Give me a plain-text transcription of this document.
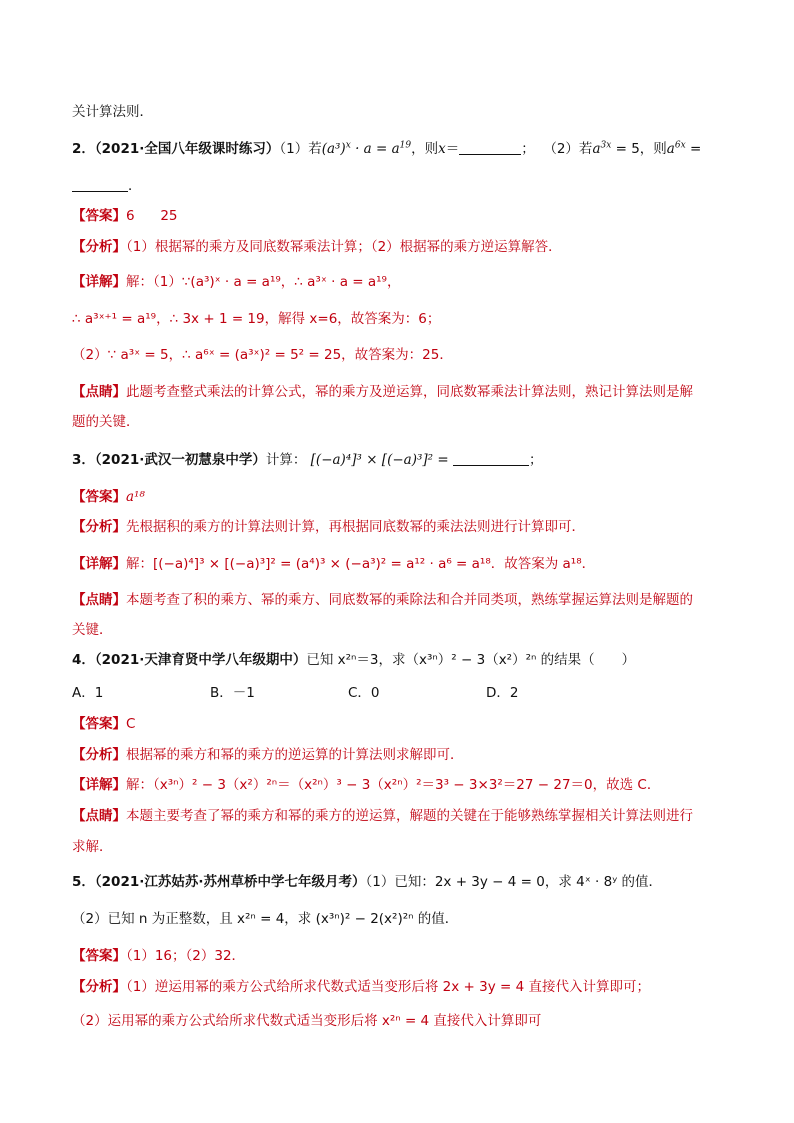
关计算法则．
2．（2021·全国八年级课时练习）（1）若$(a^3)^x \cdot a = a^{19}$，则x＝	； （2）若$a^{3x} = 5$，则$a^{6x}$ =
．
【答案】6 25
【分析】（1）根据幂的乘方及同底数幂乘法计算；（2）根据幂的乘方逆运算解答．
【详解】解：（1）∵(a³)ˣ · a = a¹⁹，∴ a³ˣ · a = a¹⁹，
∴ a³ˣ⁺¹ = a¹⁹，∴ 3x + 1 = 19，解得 x=6，故答案为：6；
（2）∵ a³ˣ = 5，∴ a⁶ˣ = (a³ˣ)² = 5² = 25，故答案为：25．
【点睛】此题考查整式乘法的计算公式，幂的乘方及逆运算，同底数幂乘法计算法则，熟记计算法则是解
题的关键．
3．（2021·武汉一初慧泉中学）计算： [(−a)⁴]³ × [(−a)³]² =	；
【答案】a¹⁸
【分析】先根据积的乘方的计算法则计算，再根据同底数幂的乘法法则进行计算即可．
【详解】解：[(−a)⁴]³ × [(−a)³]² = (a⁴)³ × (−a³)² = a¹² · a⁶ = a¹⁸．故答案为 a¹⁸．
【点睛】本题考查了积的乘方、幂的乘方、同底数幂的乘除法和合并同类项，熟练掌握运算法则是解题的
关键．
4．（2021·天津育贤中学八年级期中）已知 x²ⁿ＝3，求（x³ⁿ）² − 3（x²）²ⁿ 的结果（　　）
A．1	B．－1	C．0	D．2
【答案】C
【分析】根据幂的乘方和幂的乘方的逆运算的计算法则求解即可．
【详解】解：（x³ⁿ）² − 3（x²）²ⁿ＝（x²ⁿ）³ − 3（x²ⁿ）²＝3³ − 3×3²＝27 − 27＝0，故选 C．
【点睛】本题主要考查了幂的乘方和幂的乘方的逆运算，解题的关键在于能够熟练掌握相关计算法则进行
求解．
5．（2021·江苏姑苏·苏州草桥中学七年级月考）（1）已知：2x + 3y − 4 = 0，求 4ˣ · 8ʸ 的值．
（2）已知 n 为正整数，且 x²ⁿ = 4，求 (x³ⁿ)² − 2(x²)²ⁿ 的值．
【答案】（1）16；（2）32．
【分析】（1）逆运用幂的乘方公式给所求代数式适当变形后将 2x + 3y = 4 直接代入计算即可；
（2）运用幂的乘方公式给所求代数式适当变形后将 x²ⁿ = 4 直接代入计算即可
